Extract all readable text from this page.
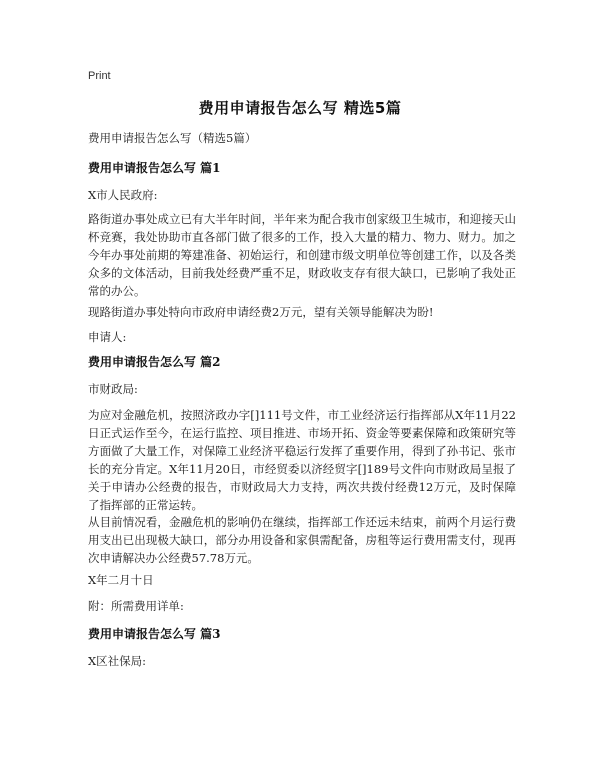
Print
费用申请报告怎么写 精选5篇

费用申请报告怎么写（精选5篇）

费用申请报告怎么写 篇1

X市人民政府:

路街道办事处成立已有大半年时间，半年来为配合我市创家级卫生城市，和迎接天山杯竞赛，我处协助市直各部门做了很多的工作，投入大量的精力、物力、财力。加之今年办事处前期的筹建准备、初始运行，和创建市级文明单位等创建工作，以及各类众多的文体活动，目前我处经费严重不足，财政收支存有很大缺口，已影响了我处正常的办公。

现路街道办事处特向市政府申请经费2万元，望有关领导能解决为盼!

申请人:

费用申请报告怎么写 篇2

市财政局:

为应对金融危机，按照济政办字[]111号文件，市工业经济运行指挥部从X年11月22日正式运作至今，在运行监控、项目推进、市场开拓、资金等要素保障和政策研究等方面做了大量工作，对保障工业经济平稳运行发挥了重要作用，得到了孙书记、张市长的充分肯定。X年11月20日，市经贸委以济经贸字[]189号文件向市财政局呈报了关于申请办公经费的报告，市财政局大力支持，两次共拨付经费12万元，及时保障了指挥部的正常运转。

从目前情况看，金融危机的影响仍在继续，指挥部工作还远未结束，前两个月运行费用支出已出现极大缺口，部分办用设备和家俱需配备，房租等运行费用需支付，现再次申请解决办公经费57.78万元。

X年二月十日

附：所需费用详单:

费用申请报告怎么写 篇3

X区社保局:
